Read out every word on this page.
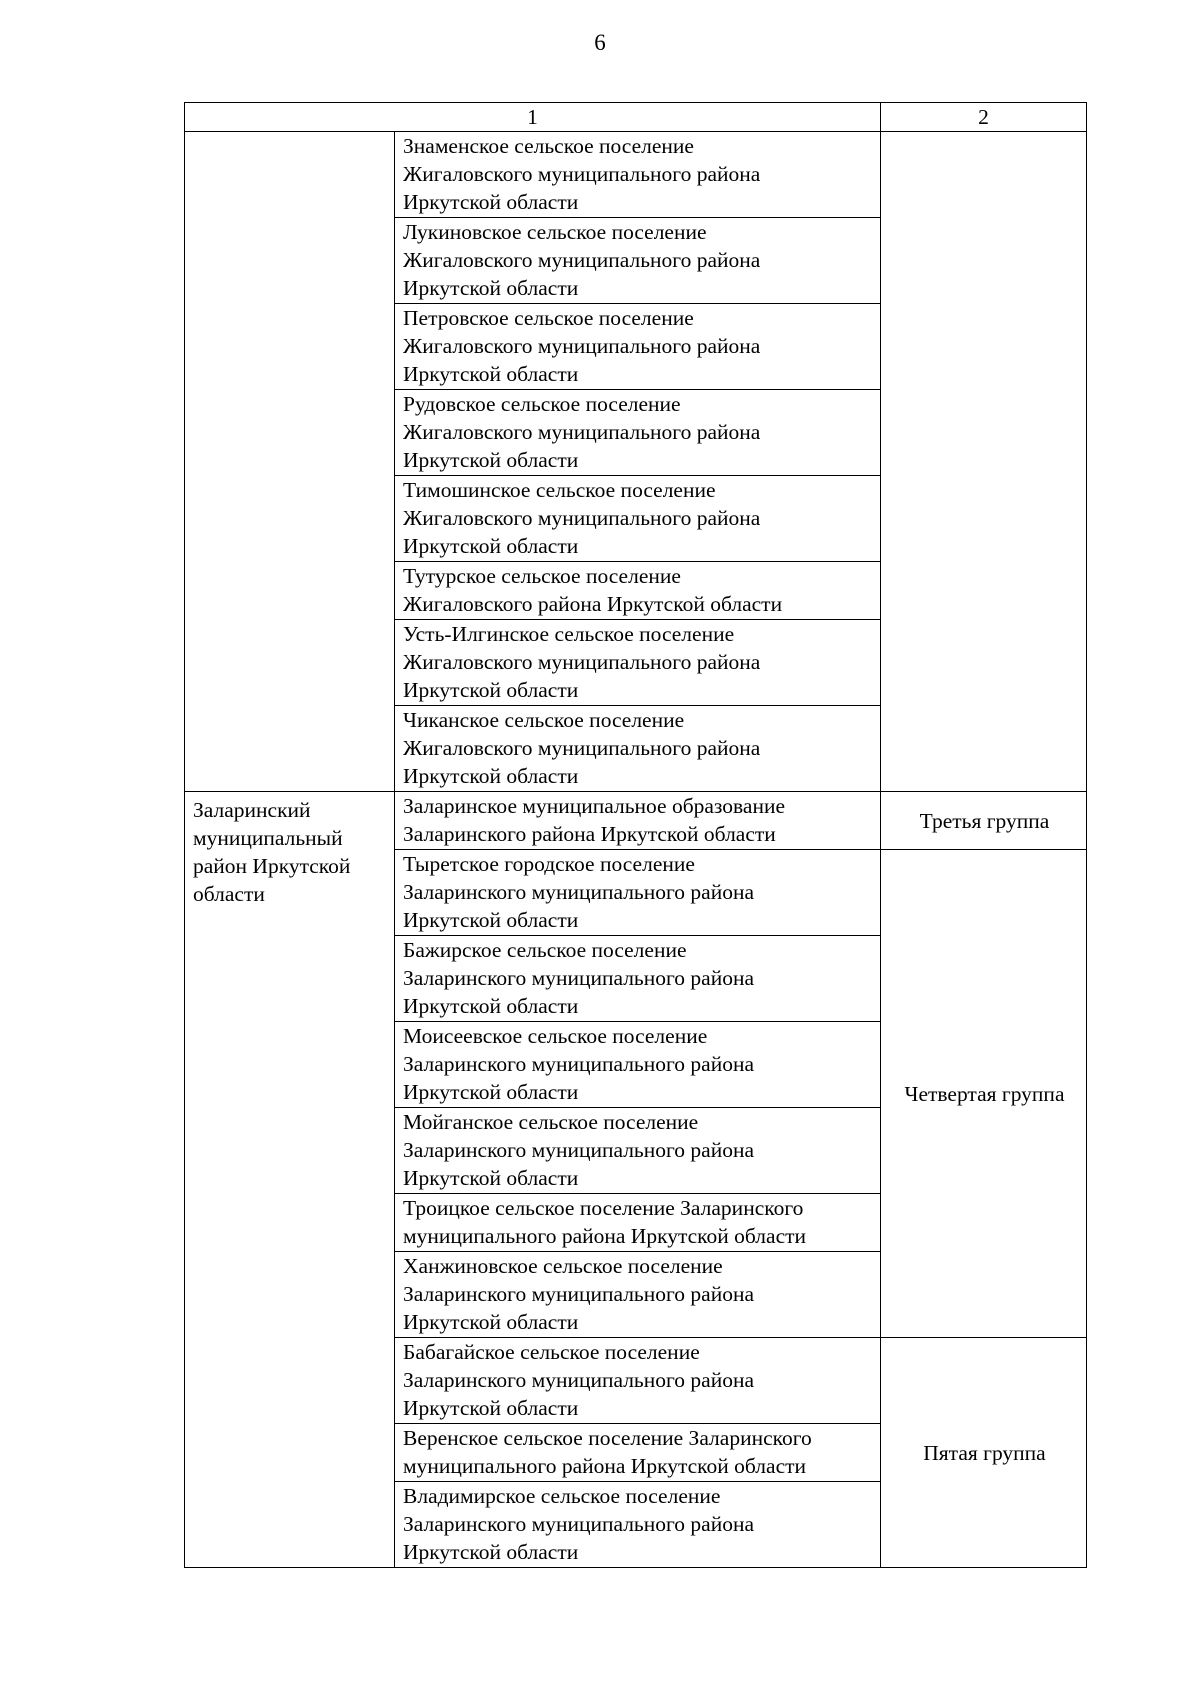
6
1		2
	Знаменское сельское поселение
Жигаловского муниципального района
Иркутской области	
	Лукиновское сельское поселение
Жигаловского муниципального района
Иркутской области	
	Петровское сельское поселение
Жигаловского муниципального района
Иркутской области	
	Рудовское сельское поселение
Жигаловского муниципального района
Иркутской области	
	Тимошинское сельское поселение
Жигаловского муниципального района
Иркутской области	
	Тутурское сельское поселение
Жигаловского района Иркутской области	
	Усть-Илгинское сельское поселение
Жигаловского муниципального района
Иркутской области	
	Чиканское сельское поселение
Жигаловского муниципального района
Иркутской области	
Заларинский
муниципальный
район Иркутской
области	Заларинское муниципальное образование
Заларинского района Иркутской области	Третья группа
	Тыретское городское поселение
Заларинского муниципального района
Иркутской области	Четвертая группа
	Бажирское сельское поселение
Заларинского муниципального района
Иркутской области	
	Моисеевское сельское поселение
Заларинского муниципального района
Иркутской области	
	Мойганское сельское поселение
Заларинского муниципального района
Иркутской области	
	Троицкое сельское поселение Заларинского
муниципального района Иркутской области	
	Ханжиновское сельское поселение
Заларинского муниципального района
Иркутской области	
	Бабагайское сельское поселение
Заларинского муниципального района
Иркутской области	Пятая группа
	Веренское сельское поселение Заларинского
муниципального района Иркутской области	
	Владимирское сельское поселение
Заларинского муниципального района
Иркутской области	
